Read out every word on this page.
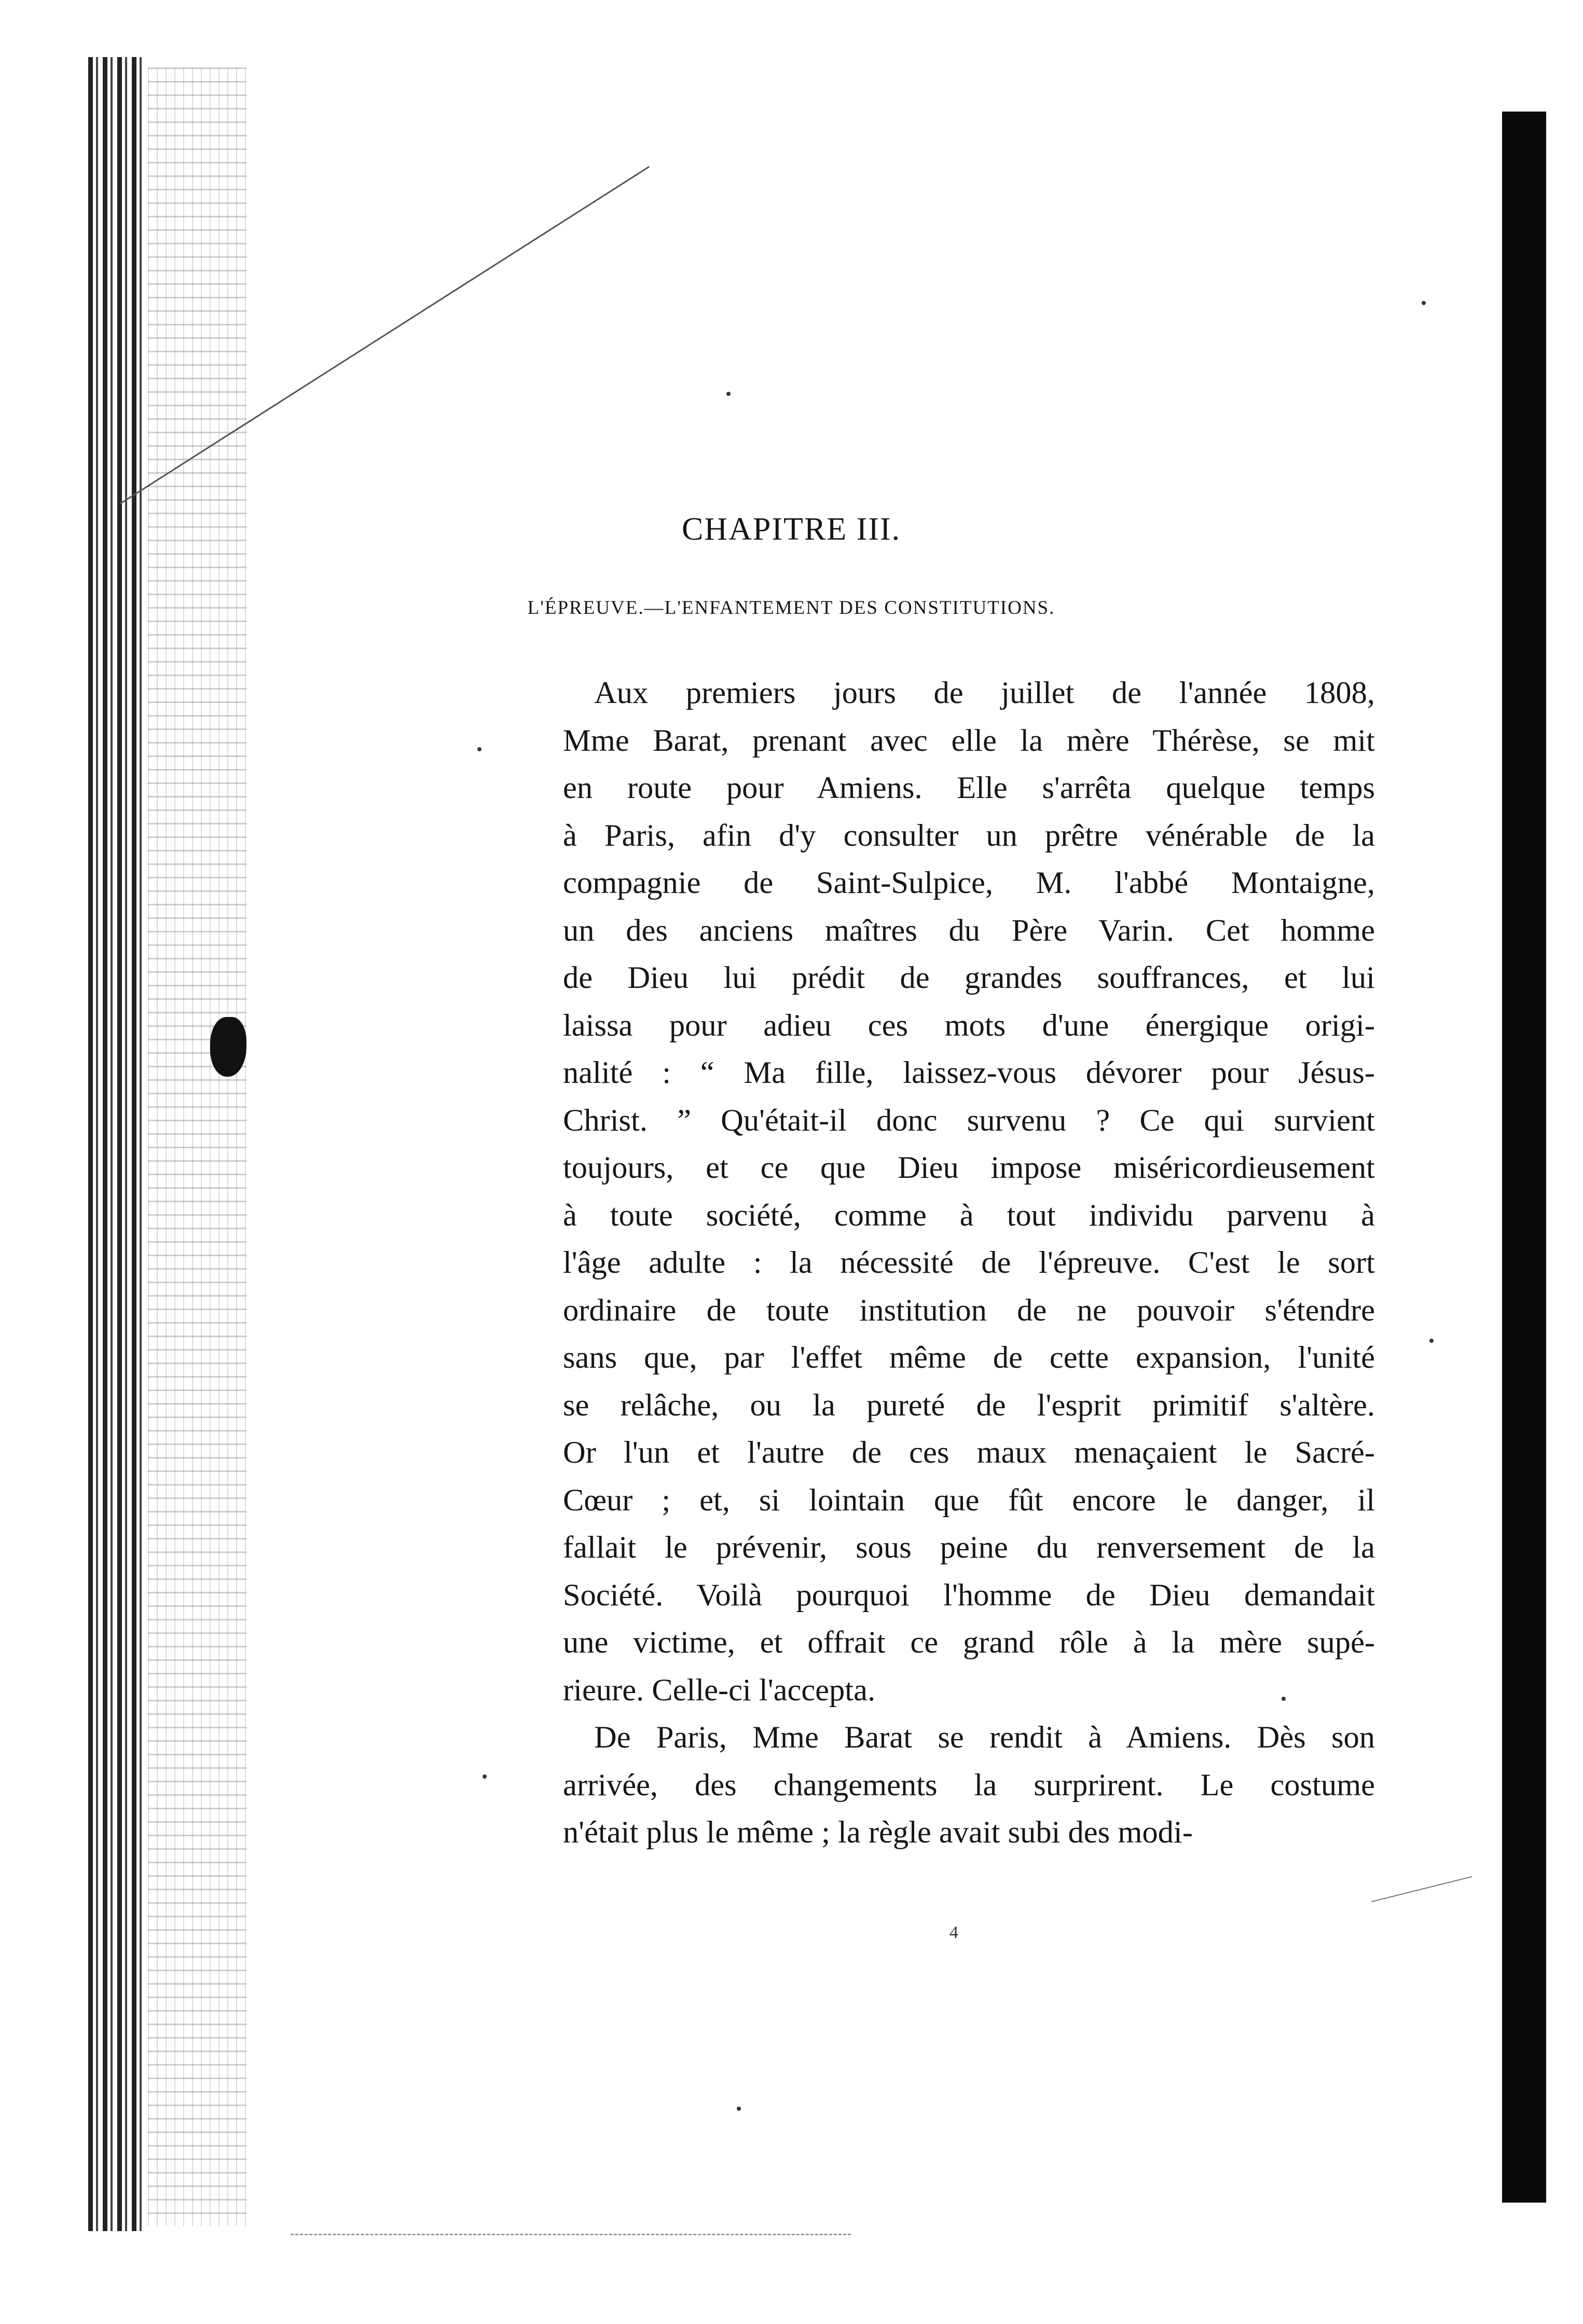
CHAPITRE III.
L'ÉPREUVE.—L'ENFANTEMENT DES CONSTITUTIONS.
Aux premiers jours de juillet de l'année 1808,
Mme Barat, prenant avec elle la mère Thérèse, se mit
en route pour Amiens. Elle s'arrêta quelque temps
à Paris, afin d'y consulter un prêtre vénérable de la
compagnie de Saint-Sulpice, M. l'abbé Montaigne,
un des anciens maîtres du Père Varin. Cet homme
de Dieu lui prédit de grandes souffrances, et lui
laissa pour adieu ces mots d'une énergique origi-
nalité : “ Ma fille, laissez-vous dévorer pour Jésus-
Christ. ” Qu'était-il donc survenu ? Ce qui survient
toujours, et ce que Dieu impose miséricordieusement
à toute société, comme à tout individu parvenu à
l'âge adulte : la nécessité de l'épreuve. C'est le sort
ordinaire de toute institution de ne pouvoir s'étendre
sans que, par l'effet même de cette expansion, l'unité
se relâche, ou la pureté de l'esprit primitif s'altère.
Or l'un et l'autre de ces maux menaçaient le Sacré-
Cœur ; et, si lointain que fût encore le danger, il
fallait le prévenir, sous peine du renversement de la
Société. Voilà pourquoi l'homme de Dieu demandait
une victime, et offrait ce grand rôle à la mère supé-
rieure. Celle-ci l'accepta.
De Paris, Mme Barat se rendit à Amiens. Dès son
arrivée, des changements la surprirent. Le costume
n'était plus le même ; la règle avait subi des modi-
4
